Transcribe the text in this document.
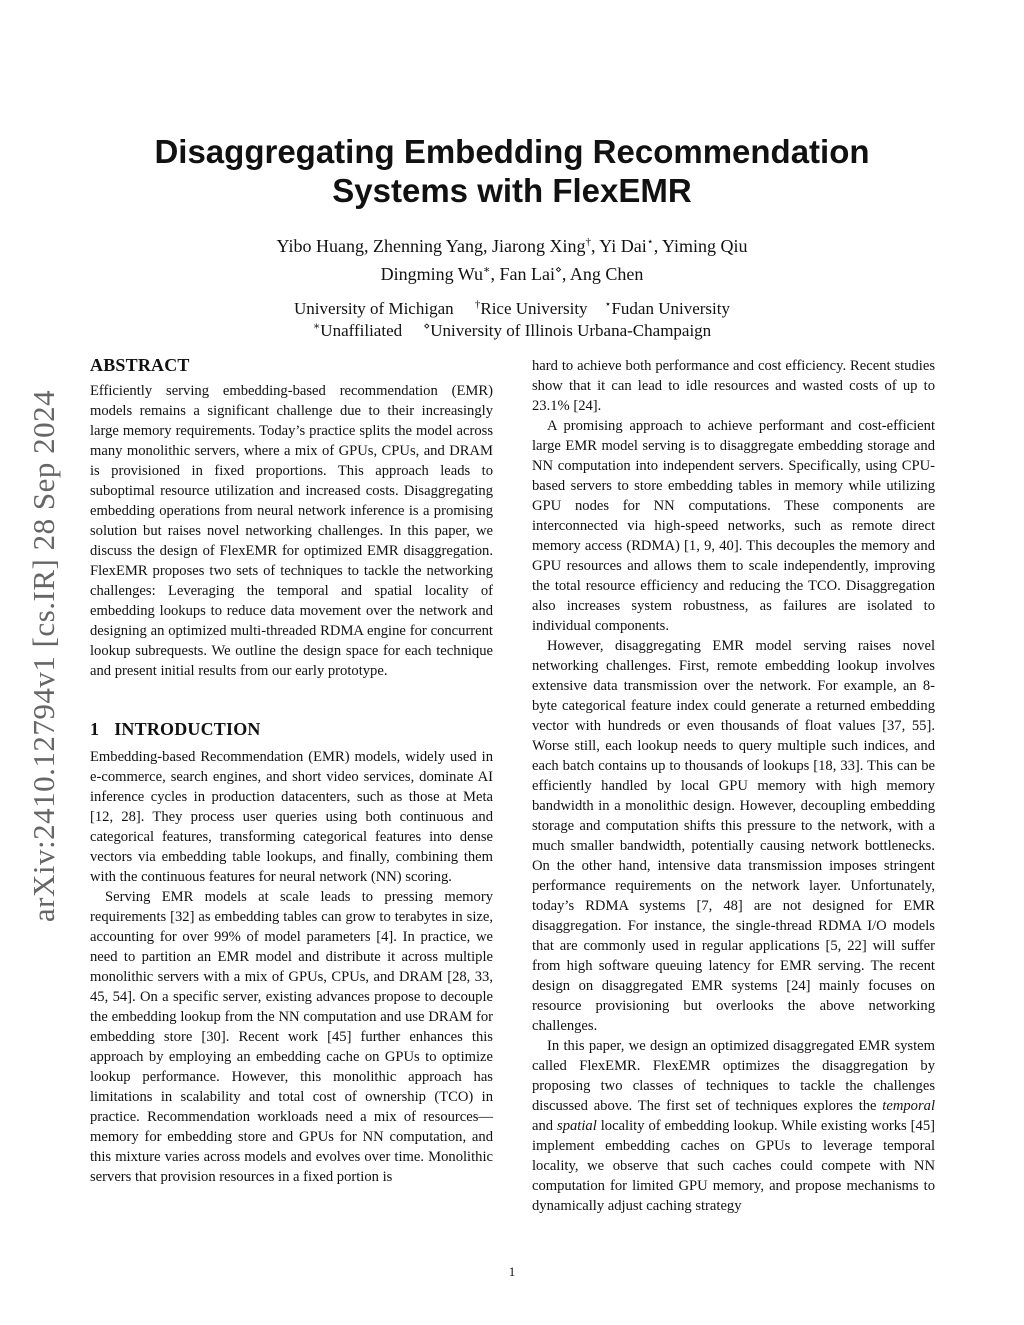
arXiv:2410.12794v1 [cs.IR] 28 Sep 2024
Disaggregating Embedding Recommendation
Systems with FlexEMR
Yibo Huang, Zhenning Yang, Jiarong Xing†, Yi Dai⋆, Yiming Qiu
Dingming Wu∗, Fan Lai⋄, Ang Chen
University of Michigan †Rice University ⋆Fudan University
∗Unaffiliated ⋄University of Illinois Urbana-Champaign
ABSTRACT

Efficiently serving embedding-based recommendation (EMR) models remains a significant challenge due to their increasingly large memory requirements. Today’s practice splits the model across many monolithic servers, where a mix of GPUs, CPUs, and DRAM is provisioned in fixed proportions. This approach leads to suboptimal resource utilization and increased costs. Disaggregating embedding operations from neural network inference is a promising solution but raises novel networking challenges. In this paper, we discuss the design of FlexEMR for optimized EMR disaggregation. FlexEMR proposes two sets of techniques to tackle the networking challenges: Leveraging the temporal and spatial locality of embedding lookups to reduce data movement over the network and designing an optimized multi-threaded RDMA engine for concurrent lookup subrequests. We outline the design space for each technique and present initial results from our early prototype.

1 INTRODUCTION

Embedding-based Recommendation (EMR) models, widely used in e-commerce, search engines, and short video services, dominate AI inference cycles in production datacenters, such as those at Meta [12, 28]. They process user queries using both continuous and categorical features, transforming categorical features into dense vectors via embedding table lookups, and finally, combining them with the continuous features for neural network (NN) scoring.

Serving EMR models at scale leads to pressing memory requirements [32] as embedding tables can grow to terabytes in size, accounting for over 99% of model parameters [4]. In practice, we need to partition an EMR model and distribute it across multiple monolithic servers with a mix of GPUs, CPUs, and DRAM [28, 33, 45, 54]. On a specific server, existing advances propose to decouple the embedding lookup from the NN computation and use DRAM for embedding store [30]. Recent work [45] further enhances this approach by employing an embedding cache on GPUs to optimize lookup performance. However, this monolithic approach has limitations in scalability and total cost of ownership (TCO) in practice. Recommendation workloads need a mix of resources—memory for embedding store and GPUs for NN computation, and this mixture varies across models and evolves over time. Monolithic servers that provision resources in a fixed portion is

hard to achieve both performance and cost efficiency. Recent studies show that it can lead to idle resources and wasted costs of up to 23.1% [24].

A promising approach to achieve performant and cost-efficient large EMR model serving is to disaggregate embedding storage and NN computation into independent servers. Specifically, using CPU-based servers to store embedding tables in memory while utilizing GPU nodes for NN computations. These components are interconnected via high-speed networks, such as remote direct memory access (RDMA) [1, 9, 40]. This decouples the memory and GPU resources and allows them to scale independently, improving the total resource efficiency and reducing the TCO. Disaggregation also increases system robustness, as failures are isolated to individual components.

However, disaggregating EMR model serving raises novel networking challenges. First, remote embedding lookup involves extensive data transmission over the network. For example, an 8-byte categorical feature index could generate a returned embedding vector with hundreds or even thousands of float values [37, 55]. Worse still, each lookup needs to query multiple such indices, and each batch contains up to thousands of lookups [18, 33]. This can be efficiently handled by local GPU memory with high memory bandwidth in a monolithic design. However, decoupling embedding storage and computation shifts this pressure to the network, with a much smaller bandwidth, potentially causing network bottlenecks. On the other hand, intensive data transmission imposes stringent performance requirements on the network layer. Unfortunately, today’s RDMA systems [7, 48] are not designed for EMR disaggregation. For instance, the single-thread RDMA I/O models that are commonly used in regular applications [5, 22] will suffer from high software queuing latency for EMR serving. The recent design on disaggregated EMR systems [24] mainly focuses on resource provisioning but overlooks the above networking challenges.

In this paper, we design an optimized disaggregated EMR system called FlexEMR. FlexEMR optimizes the disaggregation by proposing two classes of techniques to tackle the challenges discussed above. The first set of techniques explores the temporal and spatial locality of embedding lookup. While existing works [45] implement embedding caches on GPUs to leverage temporal locality, we observe that such caches could compete with NN computation for limited GPU memory, and propose mechanisms to dynamically adjust caching strategy

1
